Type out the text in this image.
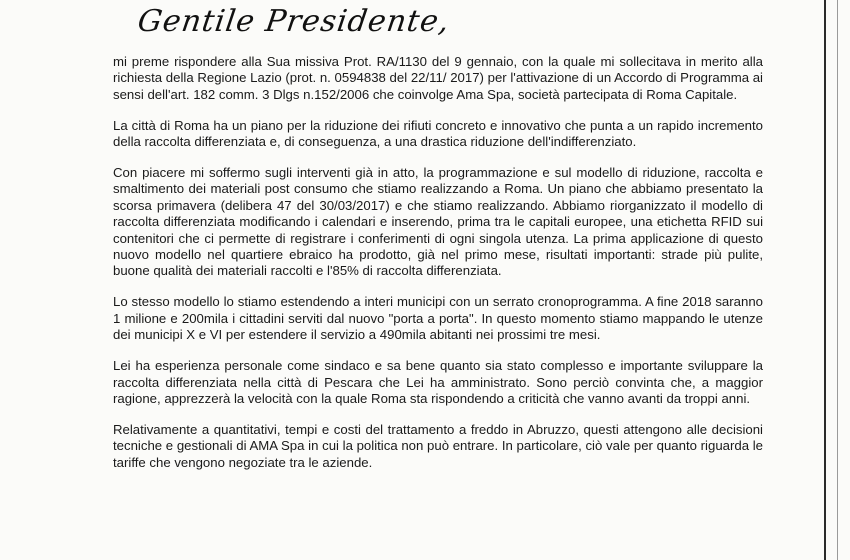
Gentile Presidente,

mi preme rispondere alla Sua missiva Prot. RA/1130 del 9 gennaio, con la quale mi sollecitava in merito alla richiesta della Regione Lazio (prot. n. 0594838 del 22/11/ 2017) per l'attivazione di un Accordo di Programma ai sensi dell'art. 182 comm. 3 Dlgs n.152/2006 che coinvolge Ama Spa, società partecipata di Roma Capitale.

La città di Roma ha un piano per la riduzione dei rifiuti concreto e innovativo che punta a un rapido incremento della raccolta differenziata e, di conseguenza, a una drastica riduzione dell'indifferenziato.

Con piacere mi soffermo sugli interventi già in atto, la programmazione e sul modello di riduzione, raccolta e smaltimento dei materiali post consumo che stiamo realizzando a Roma. Un piano che abbiamo presentato la scorsa primavera (delibera 47 del 30/03/2017) e che stiamo realizzando. Abbiamo riorganizzato il modello di raccolta differenziata modificando i calendari e inserendo, prima tra le capitali europee, una etichetta RFID sui contenitori che ci permette di registrare i conferimenti di ogni singola utenza. La prima applicazione di questo nuovo modello nel quartiere ebraico ha prodotto, già nel primo mese, risultati importanti: strade più pulite, buone qualità dei materiali raccolti e l'85% di raccolta differenziata.

Lo stesso modello lo stiamo estendendo a interi municipi con un serrato cronoprogramma. A fine 2018 saranno 1 milione e 200mila i cittadini serviti dal nuovo "porta a porta". In questo momento stiamo mappando le utenze dei municipi X e VI per estendere il servizio a 490mila abitanti nei prossimi tre mesi.

Lei ha esperienza personale come sindaco e sa bene quanto sia stato complesso e importante sviluppare la raccolta differenziata nella città di Pescara che Lei ha amministrato. Sono perciò convinta che, a maggior ragione, apprezzerà la velocità con la quale Roma sta rispondendo a criticità che vanno avanti da troppi anni.

Relativamente a quantitativi, tempi e costi del trattamento a freddo in Abruzzo, questi attengono alle decisioni tecniche e gestionali di AMA Spa in cui la politica non può entrare. In particolare, ciò vale per quanto riguarda le tariffe che vengono negoziate tra le aziende.
